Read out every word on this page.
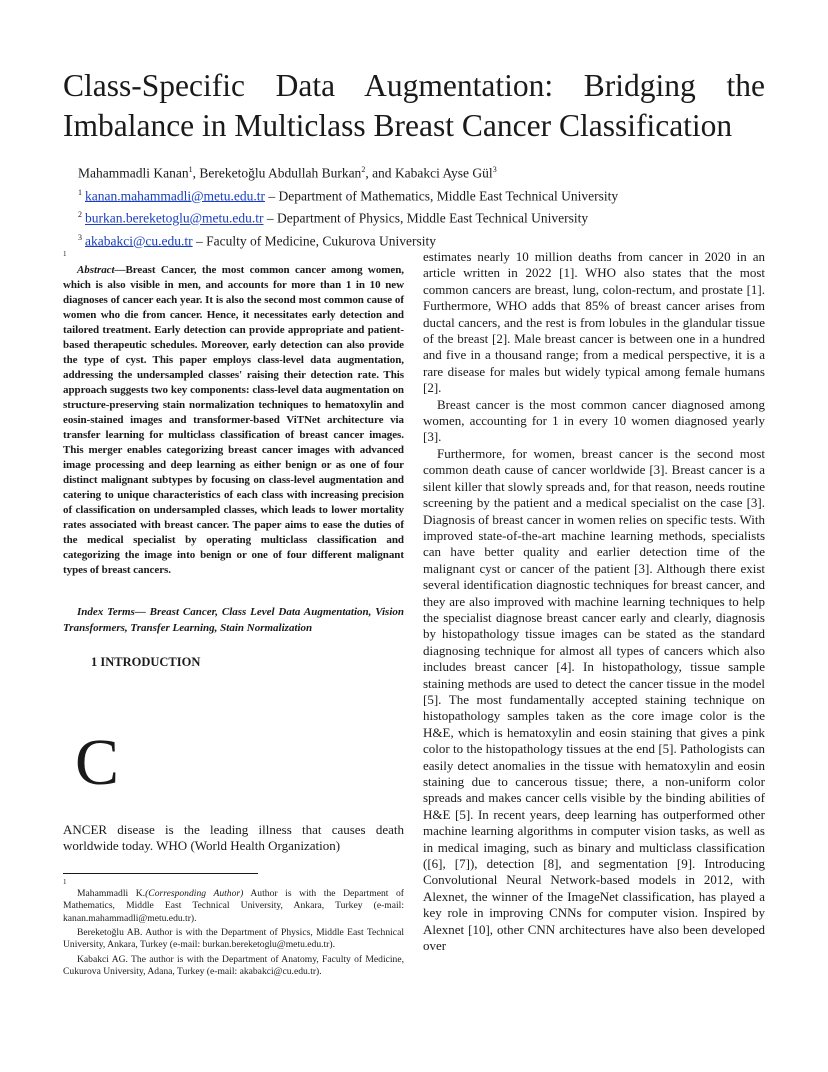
Class-Specific Data Augmentation: Bridging the Imbalance in Multiclass Breast Cancer Classification
Mahammadli Kanan$^1$, Bereketoğlu Abdullah Burkan$^2$, and Kabakci Ayse Gül$^3$
$^1$ kanan.mahammadli@metu.edu.tr – Department of Mathematics, Middle East Technical University
$^2$ burkan.bereketoglu@metu.edu.tr – Department of Physics, Middle East Technical University
$^3$ akabakci@cu.edu.tr – Faculty of Medicine, Cukurova University

1

Abstract—Breast Cancer, the most common cancer among women, which is also visible in men, and accounts for more than 1 in 10 new diagnoses of cancer each year. It is also the second most common cause of women who die from cancer. Hence, it necessitates early detection and tailored treatment. Early detection can provide appropriate and patient-based therapeutic schedules. Moreover, early detection can also provide the type of cyst. This paper employs class-level data augmentation, addressing the undersampled classes' raising their detection rate. This approach suggests two key components: class-level data augmentation on structure-preserving stain normalization techniques to hematoxylin and eosin-stained images and transformer-based ViTNet architecture via transfer learning for multiclass classification of breast cancer images. This merger enables categorizing breast cancer images with advanced image processing and deep learning as either benign or as one of four distinct malignant subtypes by focusing on class-level augmentation and catering to unique characteristics of each class with increasing precision of classification on undersampled classes, which leads to lower mortality rates associated with breast cancer. The paper aims to ease the duties of the medical specialist by operating multiclass classification and categorizing the image into benign or one of four different malignant types of breast cancers.

Index Terms— Breast Cancer, Class Level Data Augmentation, Vision Transformers, Transfer Learning, Stain Normalization

1 INTRODUCTION
C

ANCER disease is the leading illness that causes death worldwide today. WHO (World Health Organization)

1

Mahammadli K.(Corresponding Author) Author is with the Department of Mathematics, Middle East Technical University, Ankara, Turkey (e-mail: kanan.mahammadli@metu.edu.tr).

Bereketoğlu AB. Author is with the Department of Physics, Middle East Technical University, Ankara, Turkey (e-mail: burkan.bereketoglu@metu.edu.tr).

Kabakci AG. The author is with the Department of Anatomy, Faculty of Medicine, Cukurova University, Adana, Turkey (e-mail: akabakci@cu.edu.tr).

estimates nearly 10 million deaths from cancer in 2020 in an article written in 2022 [1]. WHO also states that the most common cancers are breast, lung, colon-rectum, and prostate [1]. Furthermore, WHO adds that 85% of breast cancer arises from ductal cancers, and the rest is from lobules in the glandular tissue of the breast [2]. Male breast cancer is between one in a hundred and five in a thousand range; from a medical perspective, it is a rare disease for males but widely typical among female humans [2].

Breast cancer is the most common cancer diagnosed among women, accounting for 1 in every 10 women diagnosed yearly [3].

Furthermore, for women, breast cancer is the second most common death cause of cancer worldwide [3]. Breast cancer is a silent killer that slowly spreads and, for that reason, needs routine screening by the patient and a medical specialist on the case [3]. Diagnosis of breast cancer in women relies on specific tests. With improved state-of-the-art machine learning methods, specialists can have better quality and earlier detection time of the malignant cyst or cancer of the patient [3]. Although there exist several identification diagnostic techniques for breast cancer, and they are also improved with machine learning techniques to help the specialist diagnose breast cancer early and clearly, diagnosis by histopathology tissue images can be stated as the standard diagnosing technique for almost all types of cancers which also includes breast cancer [4]. In histopathology, tissue sample staining methods are used to detect the cancer tissue in the model [5]. The most fundamentally accepted staining technique on histopathology samples taken as the core image color is the H&E, which is hematoxylin and eosin staining that gives a pink color to the histopathology tissues at the end [5]. Pathologists can easily detect anomalies in the tissue with hematoxylin and eosin staining due to cancerous tissue; there, a non-uniform color spreads and makes cancer cells visible by the binding abilities of H&E [5]. In recent years, deep learning has outperformed other machine learning algorithms in computer vision tasks, as well as in medical imaging, such as binary and multiclass classification ([6], [7]), detection [8], and segmentation [9]. Introducing Convolutional Neural Network-based models in 2012, with Alexnet, the winner of the ImageNet classification, has played a key role in improving CNNs for computer vision. Inspired by Alexnet [10], other CNN architectures have also been developed over
